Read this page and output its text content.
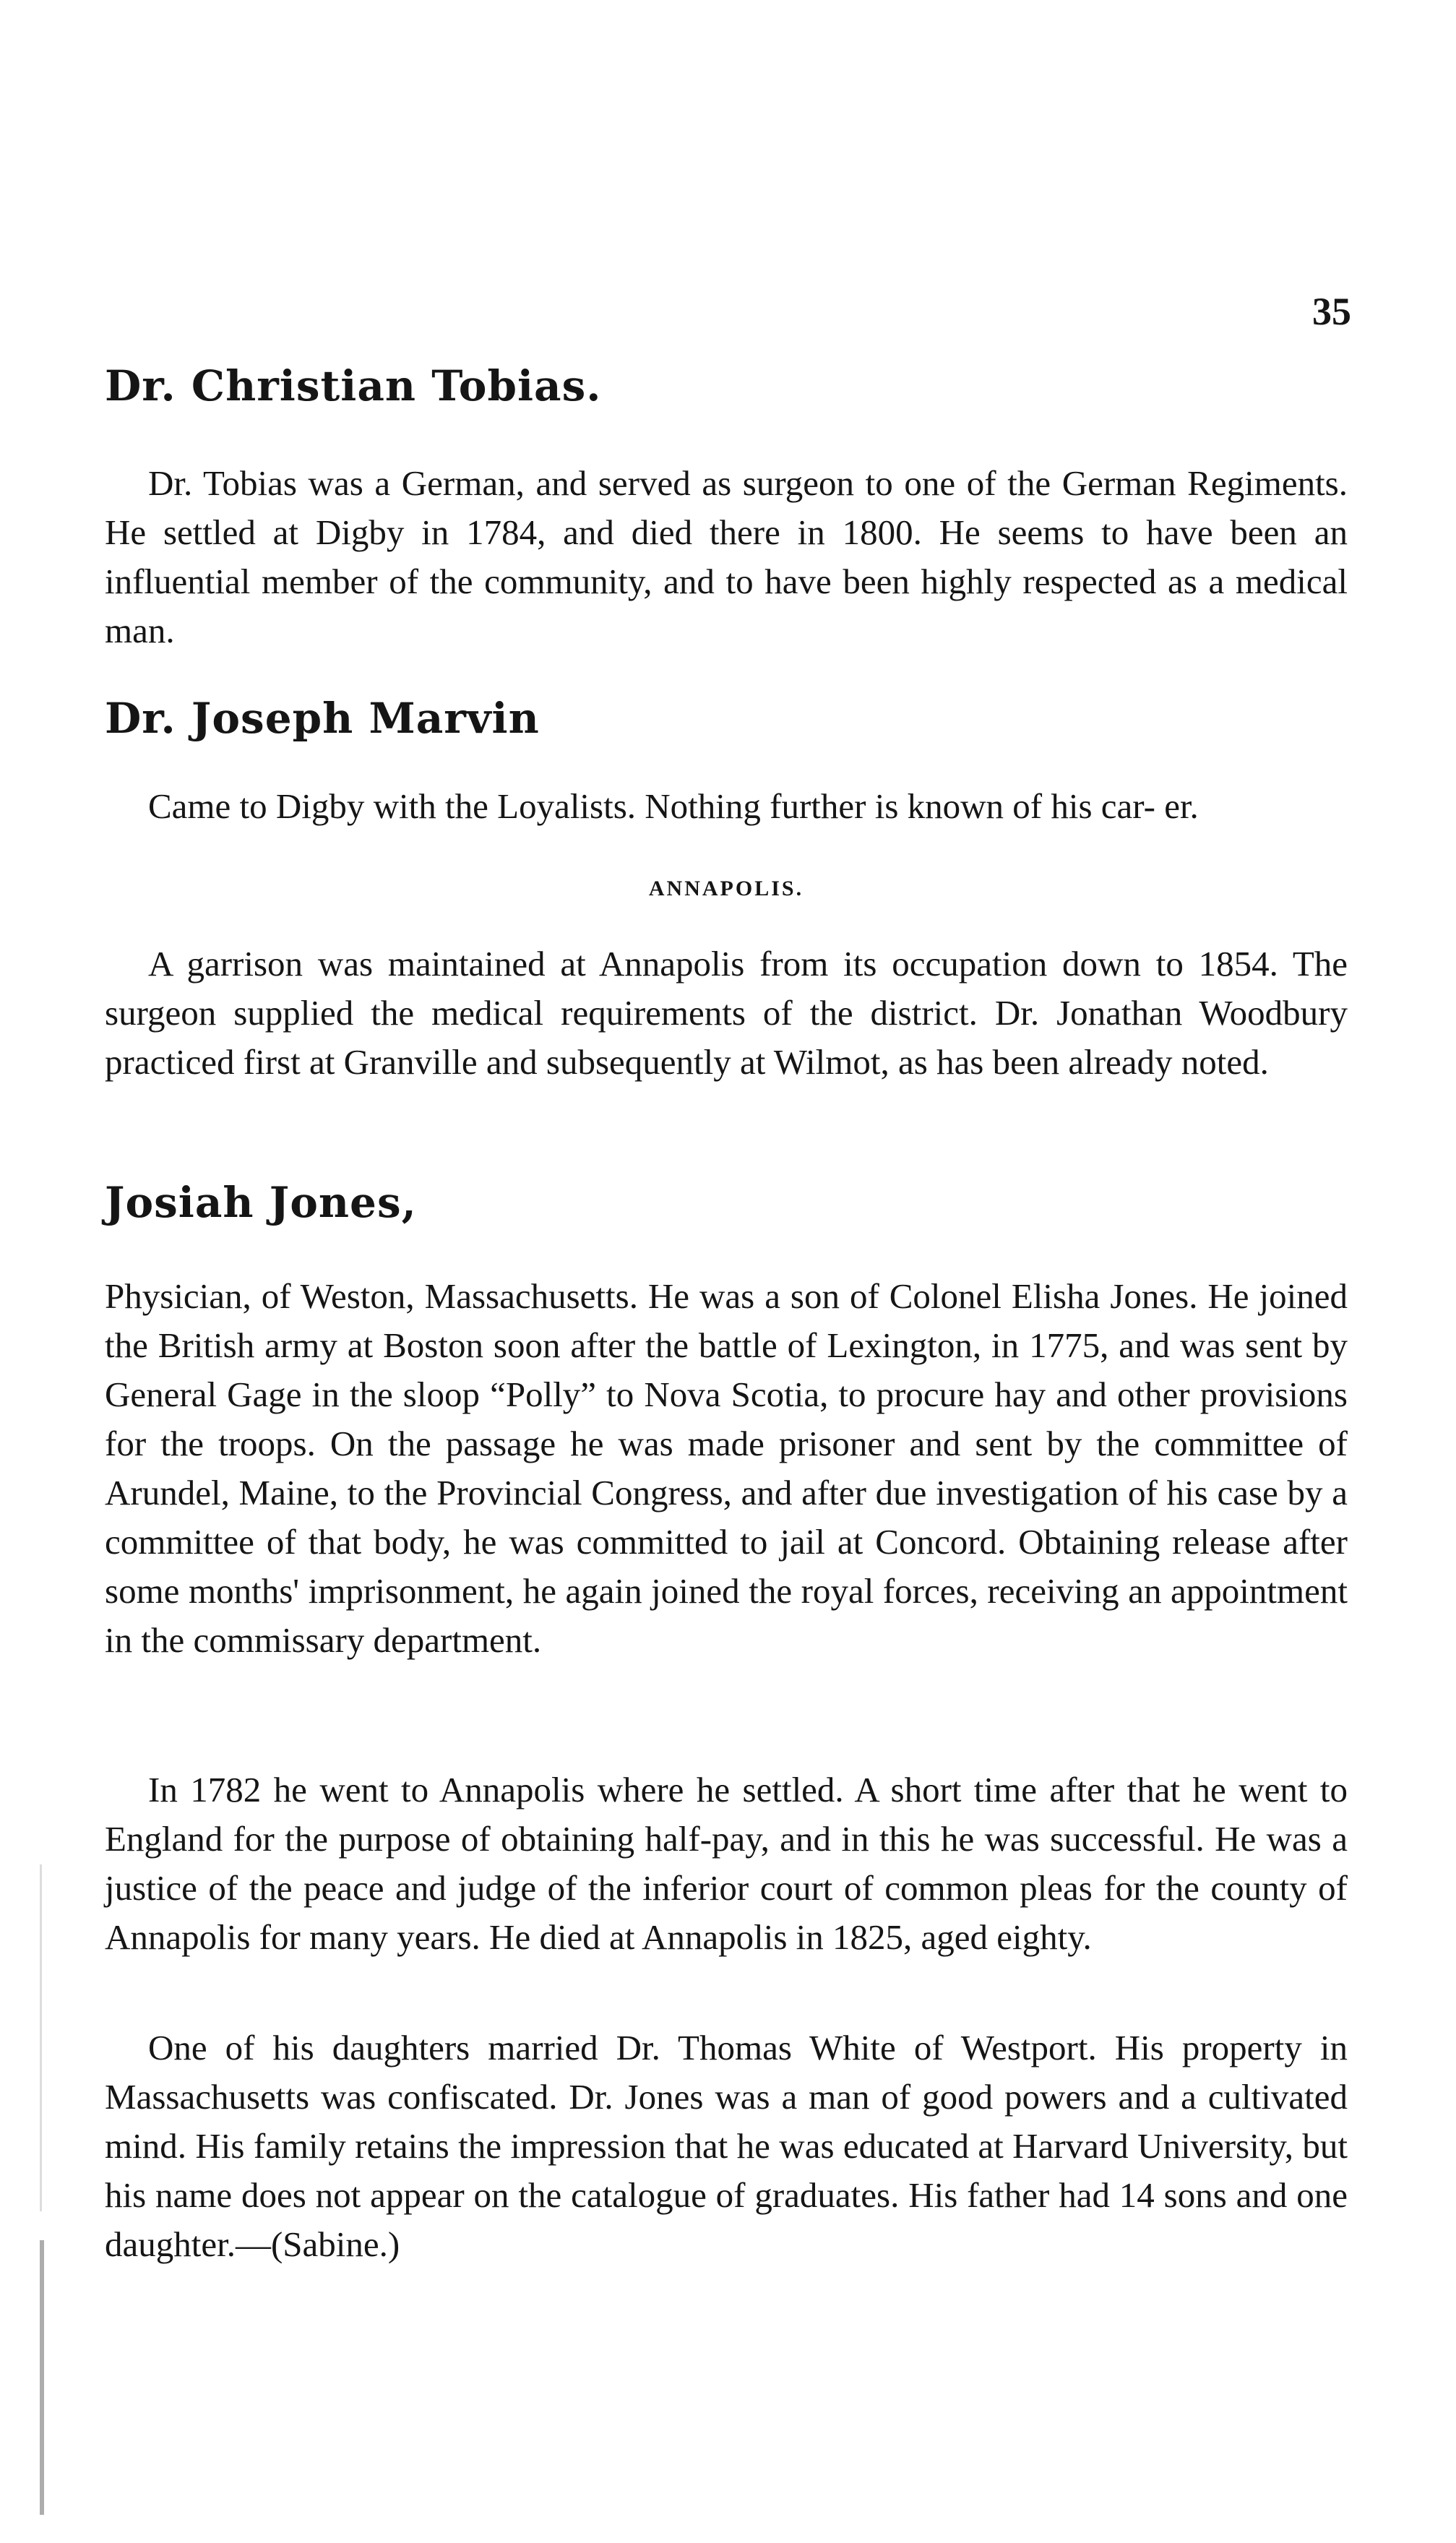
35
Dr. Christian Tobias.

Dr. Tobias was a German, and served as surgeon to one of the German Regiments. He settled at Digby in 1784, and died there in 1800. He seems to have been an influential member of the community, and to have been highly respected as a medical man.

Dr. Joseph Marvin

Came to Digby with the Loyalists. Nothing further is known of his car- er.

ANNAPOLIS.

A garrison was maintained at Annapolis from its occupation down to 1854. The surgeon supplied the medical requirements of the district. Dr. Jonathan Woodbury practiced first at Granville and subsequently at Wilmot, as has been already noted.

Josiah Jones,

Physician, of Weston, Massachusetts. He was a son of Colonel Elisha Jones. He joined the British army at Boston soon after the battle of Lexington, in 1775, and was sent by General Gage in the sloop “Polly” to Nova Scotia, to procure hay and other provisions for the troops. On the passage he was made prisoner and sent by the committee of Arundel, Maine, to the Provincial Congress, and after due investigation of his case by a committee of that body, he was committed to jail at Concord. Obtaining release after some months' imprisonment, he again joined the royal forces, receiving an appointment in the commissary department.

In 1782 he went to Annapolis where he settled. A short time after that he went to England for the purpose of obtaining half-pay, and in this he was successful. He was a justice of the peace and judge of the inferior court of common pleas for the county of Annapolis for many years. He died at Annapolis in 1825, aged eighty.

One of his daughters married Dr. Thomas White of Westport. His property in Massachusetts was confiscated. Dr. Jones was a man of good powers and a cultivated mind. His family retains the impression that he was educated at Harvard University, but his name does not appear on the catalogue of graduates. His father had 14 sons and one daughter.—(Sabine.)
